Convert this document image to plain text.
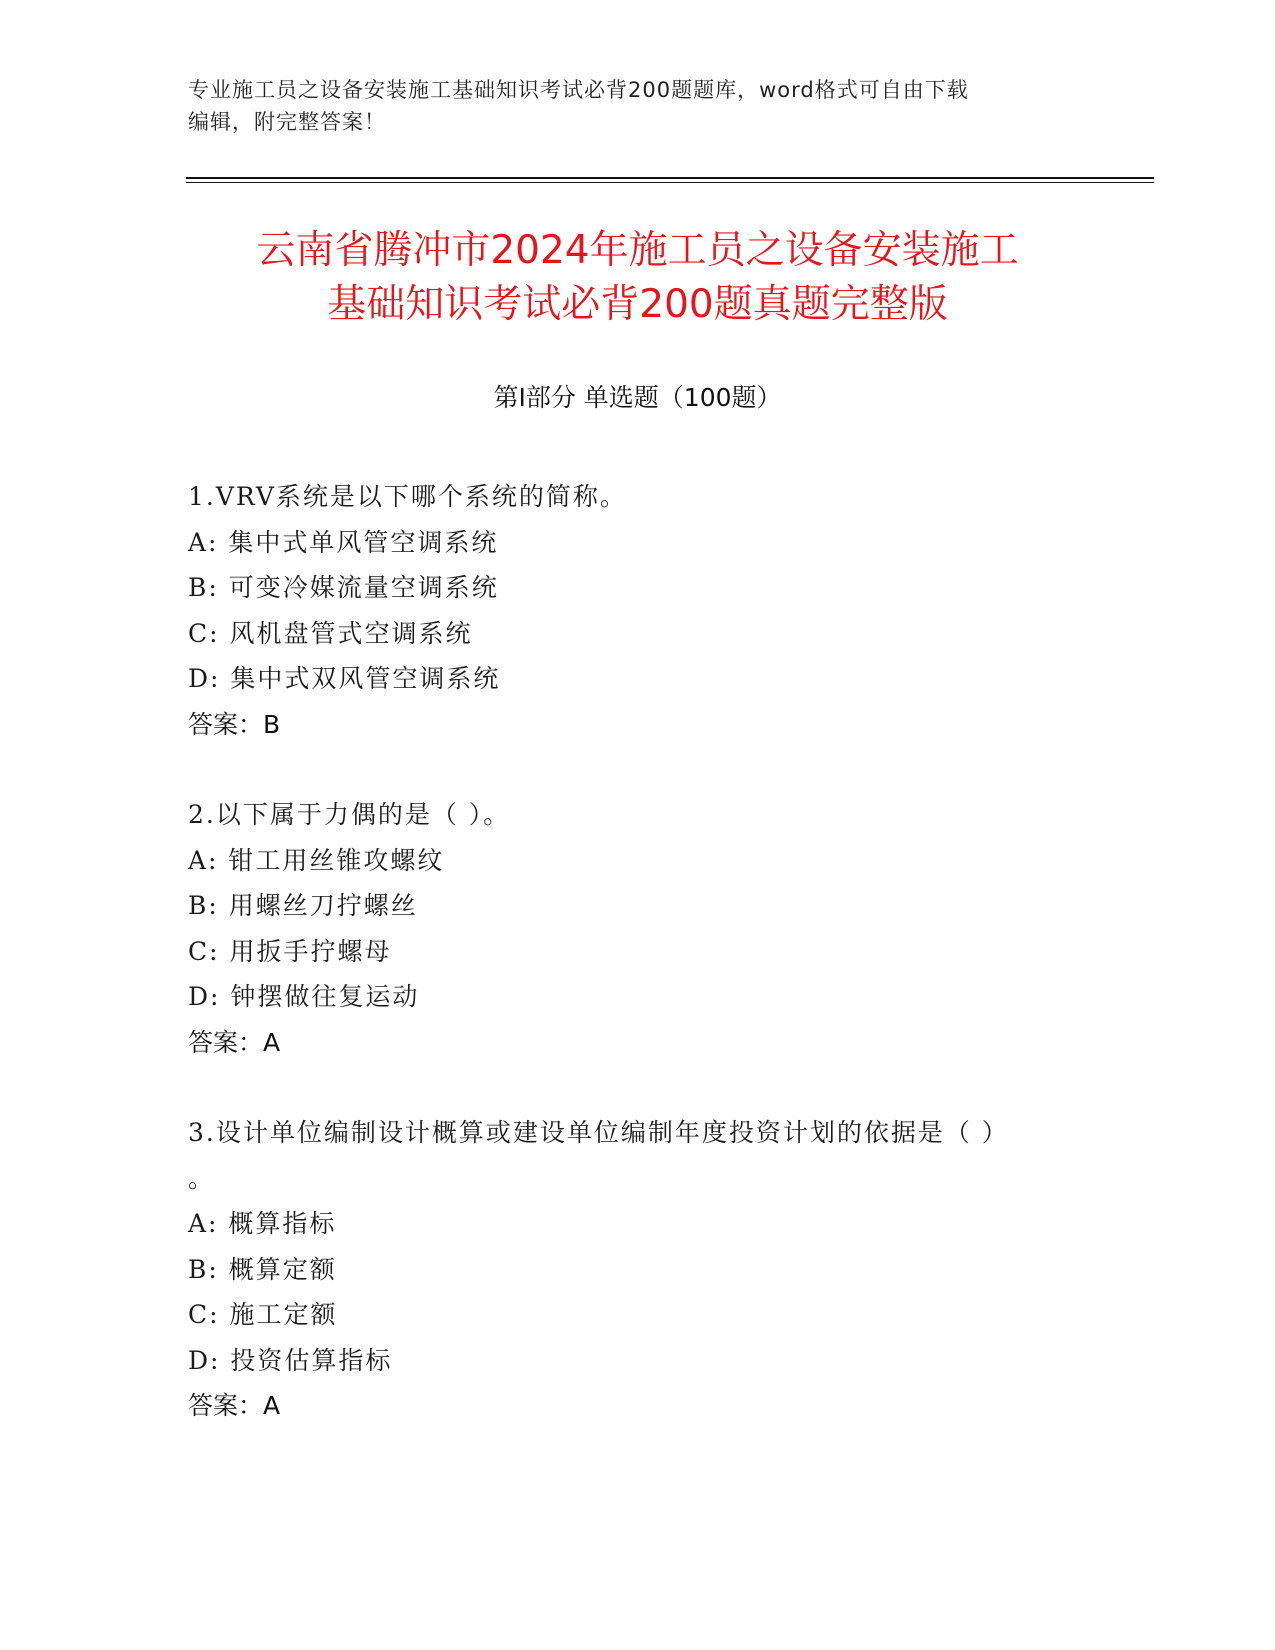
专业施工员之设备安装施工基础知识考试必背200题题库，word格式可自由下载
编辑，附完整答案！
云南省腾冲市2024年施工员之设备安装施工
基础知识考试必背200题真题完整版
第Ⅰ部分 单选题（100题）
1.VRV系统是以下哪个系统的简称。
A: 集中式单风管空调系统
B: 可变冷媒流量空调系统
C: 风机盘管式空调系统
D: 集中式双风管空调系统
答案：B
2.以下属于力偶的是（ ）。
A: 钳工用丝锥攻螺纹
B: 用螺丝刀拧螺丝
C: 用扳手拧螺母
D: 钟摆做往复运动
答案：A
3.设计单位编制设计概算或建设单位编制年度投资计划的依据是（ ）
。
A: 概算指标
B: 概算定额
C: 施工定额
D: 投资估算指标
答案：A
